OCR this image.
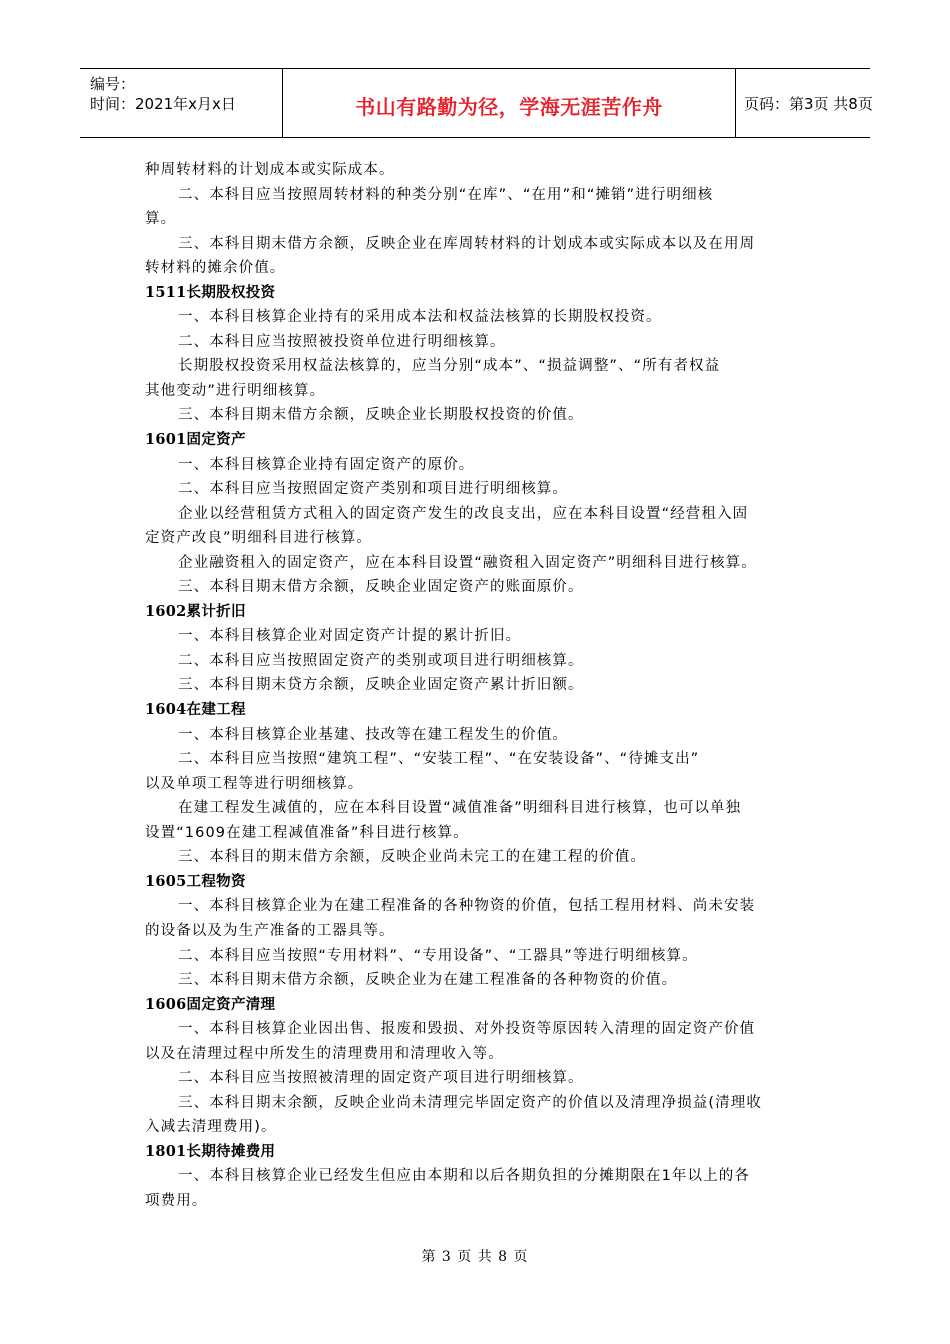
编号：
时间：2021年x月x日	书山有路勤为径，学海无涯苦作舟	页码：第3页 共8页
种周转材料的计划成本或实际成本。
二、本科目应当按照周转材料的种类分别“在库”、“在用”和“摊销”进行明细核
算。
三、本科目期末借方余额，反映企业在库周转材料的计划成本或实际成本以及在用周
转材料的摊余价值。
1511长期股权投资
一、本科目核算企业持有的采用成本法和权益法核算的长期股权投资。
二、本科目应当按照被投资单位进行明细核算。
长期股权投资采用权益法核算的，应当分别“成本”、“损益调整”、“所有者权益
其他变动”进行明细核算。
三、本科目期末借方余额，反映企业长期股权投资的价值。
1601固定资产
一、本科目核算企业持有固定资产的原价。
二、本科目应当按照固定资产类别和项目进行明细核算。
企业以经营租赁方式租入的固定资产发生的改良支出，应在本科目设置“经营租入固
定资产改良”明细科目进行核算。
企业融资租入的固定资产，应在本科目设置“融资租入固定资产”明细科目进行核算。
三、本科目期末借方余额，反映企业固定资产的账面原价。
1602累计折旧
一、本科目核算企业对固定资产计提的累计折旧。
二、本科目应当按照固定资产的类别或项目进行明细核算。
三、本科目期末贷方余额，反映企业固定资产累计折旧额。
1604在建工程
一、本科目核算企业基建、技改等在建工程发生的价值。
二、本科目应当按照“建筑工程”、“安装工程”、“在安装设备”、“待摊支出”
以及单项工程等进行明细核算。
在建工程发生减值的，应在本科目设置“减值准备”明细科目进行核算，也可以单独
设置“1609在建工程减值准备”科目进行核算。
三、本科目的期末借方余额，反映企业尚未完工的在建工程的价值。
1605工程物资
一、本科目核算企业为在建工程准备的各种物资的价值，包括工程用材料、尚未安装
的设备以及为生产准备的工器具等。
二、本科目应当按照“专用材料”、“专用设备”、“工器具”等进行明细核算。
三、本科目期末借方余额，反映企业为在建工程准备的各种物资的价值。
1606固定资产清理
一、本科目核算企业因出售、报废和毁损、对外投资等原因转入清理的固定资产价值
以及在清理过程中所发生的清理费用和清理收入等。
二、本科目应当按照被清理的固定资产项目进行明细核算。
三、本科目期末余额，反映企业尚未清理完毕固定资产的价值以及清理净损益(清理收
入减去清理费用)。
1801长期待摊费用
一、本科目核算企业已经发生但应由本期和以后各期负担的分摊期限在1年以上的各
项费用。
第 3 页 共 8 页
